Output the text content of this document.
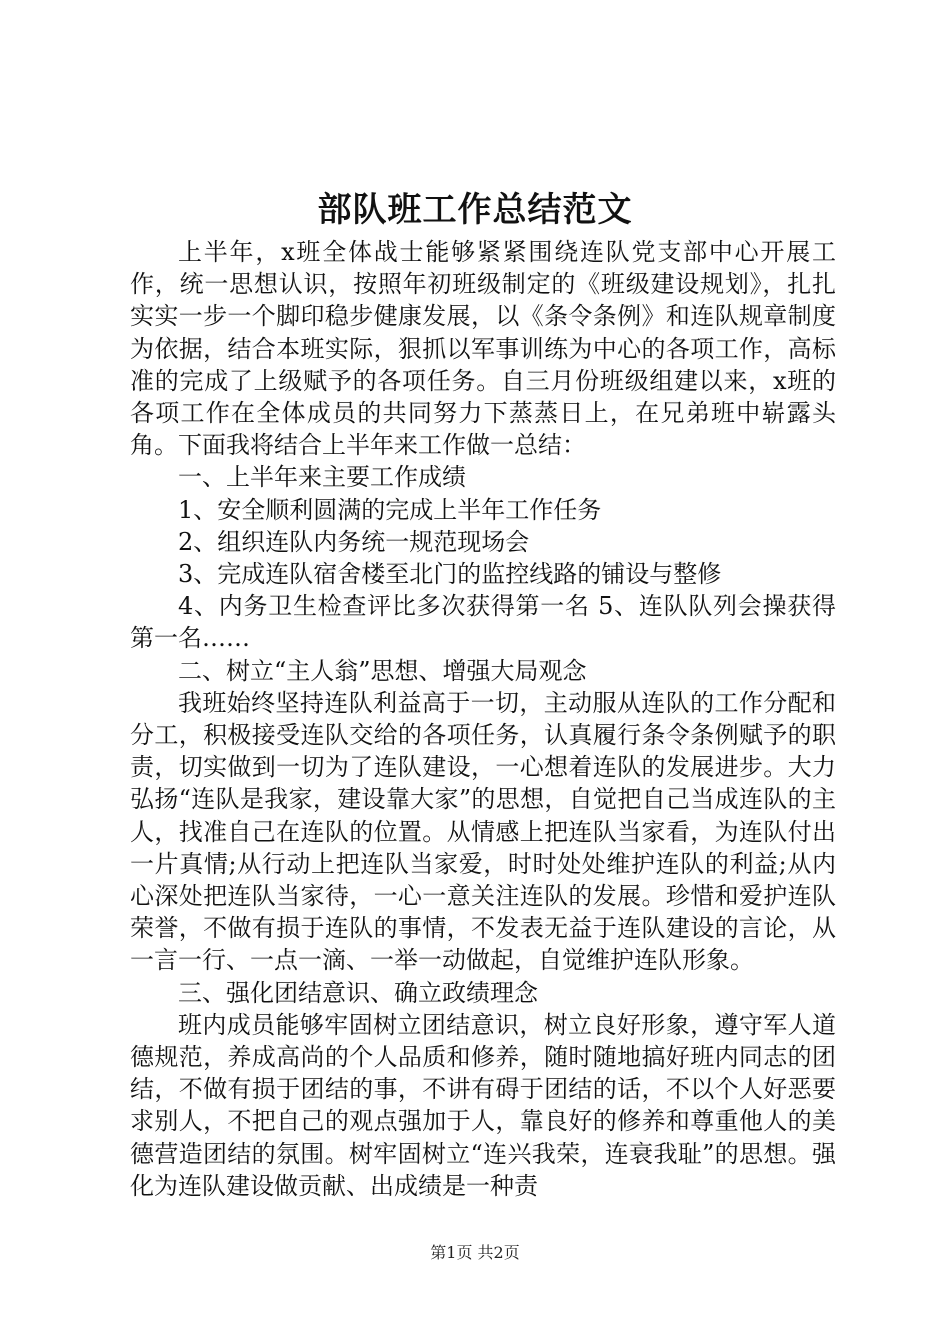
部队班工作总结范文

上半年，x班全体战士能够紧紧围绕连队党支部中心开展工作，统一思想认识，按照年初班级制定的《班级建设规划》，扎扎实实一步一个脚印稳步健康发展，以《条令条例》和连队规章制度为依据，结合本班实际，狠抓以军事训练为中心的各项工作，高标准的完成了上级赋予的各项任务。自三月份班级组建以来，x班的各项工作在全体成员的共同努力下蒸蒸日上，在兄弟班中崭露头角。下面我将结合上半年来工作做一总结：

一、上半年来主要工作成绩

1、安全顺利圆满的完成上半年工作任务

2、组织连队内务统一规范现场会

3、完成连队宿舍楼至北门的监控线路的铺设与整修

4、内务卫生检查评比多次获得第一名 5、连队队列会操获得第一名……

二、树立“主人翁”思想、增强大局观念

我班始终坚持连队利益高于一切，主动服从连队的工作分配和分工，积极接受连队交给的各项任务，认真履行条令条例赋予的职责，切实做到一切为了连队建设，一心想着连队的发展进步。大力弘扬“连队是我家，建设靠大家”的思想，自觉把自己当成连队的主人，找准自己在连队的位置。从情感上把连队当家看，为连队付出一片真情;从行动上把连队当家爱，时时处处维护连队的利益;从内心深处把连队当家待，一心一意关注连队的发展。珍惜和爱护连队荣誉，不做有损于连队的事情，不发表无益于连队建设的言论，从一言一行、一点一滴、一举一动做起，自觉维护连队形象。

三、强化团结意识、确立政绩理念

班内成员能够牢固树立团结意识，树立良好形象，遵守军人道德规范，养成高尚的个人品质和修养，随时随地搞好班内同志的团结，不做有损于团结的事，不讲有碍于团结的话，不以个人好恶要求别人，不把自己的观点强加于人，靠良好的修养和尊重他人的美德营造团结的氛围。树牢固树立“连兴我荣，连衰我耻”的思想。强化为连队建设做贡献、出成绩是一种责

第1页 共2页
